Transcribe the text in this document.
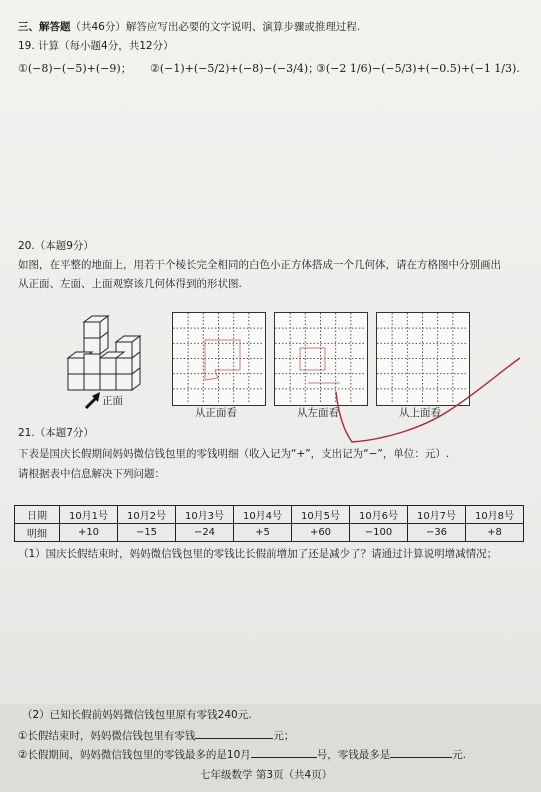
三、解答题（共46分）解答应写出必要的文字说明、演算步骤或推理过程.
19. 计算（每小题4分，共12分）
①(−8)−(−5)+(−9)； ②(−1)+(−5/2)+(−8)−(−3/4)；
③(−2 1/6)−(−5/3)+(−0.5)+(−1 1/3).
20.（本题9分）
如图，在平整的地面上，用若干个棱长完全相同的白色小正方体搭成一个几何体，请在方格图中分别画出
从正面、左面、上面观察该几何体得到的形状图.
正面
从正面看	从左面看	从上面看
21.（本题7分）
下表是国庆长假期间妈妈微信钱包里的零钱明细（收入记为“+”，支出记为“−”，单位：元）.
请根据表中信息解决下列问题：
日期	10月1号	10月2号	10月3号	10月4号	10月5号	10月6号	10月7号	10月8号
明细	+10	−15	−24	+5	+60	−100	−36	+8
（1）国庆长假结束时，妈妈微信钱包里的零钱比长假前增加了还是减少了？请通过计算说明增减情况；
（2）已知长假前妈妈微信钱包里原有零钱240元.
①长假结束时，妈妈微信钱包里有零钱	元；
②长假期间，妈妈微信钱包里的零钱最多的是10月	号，零钱最多是	元.
七年级数学 第3页（共4页）
